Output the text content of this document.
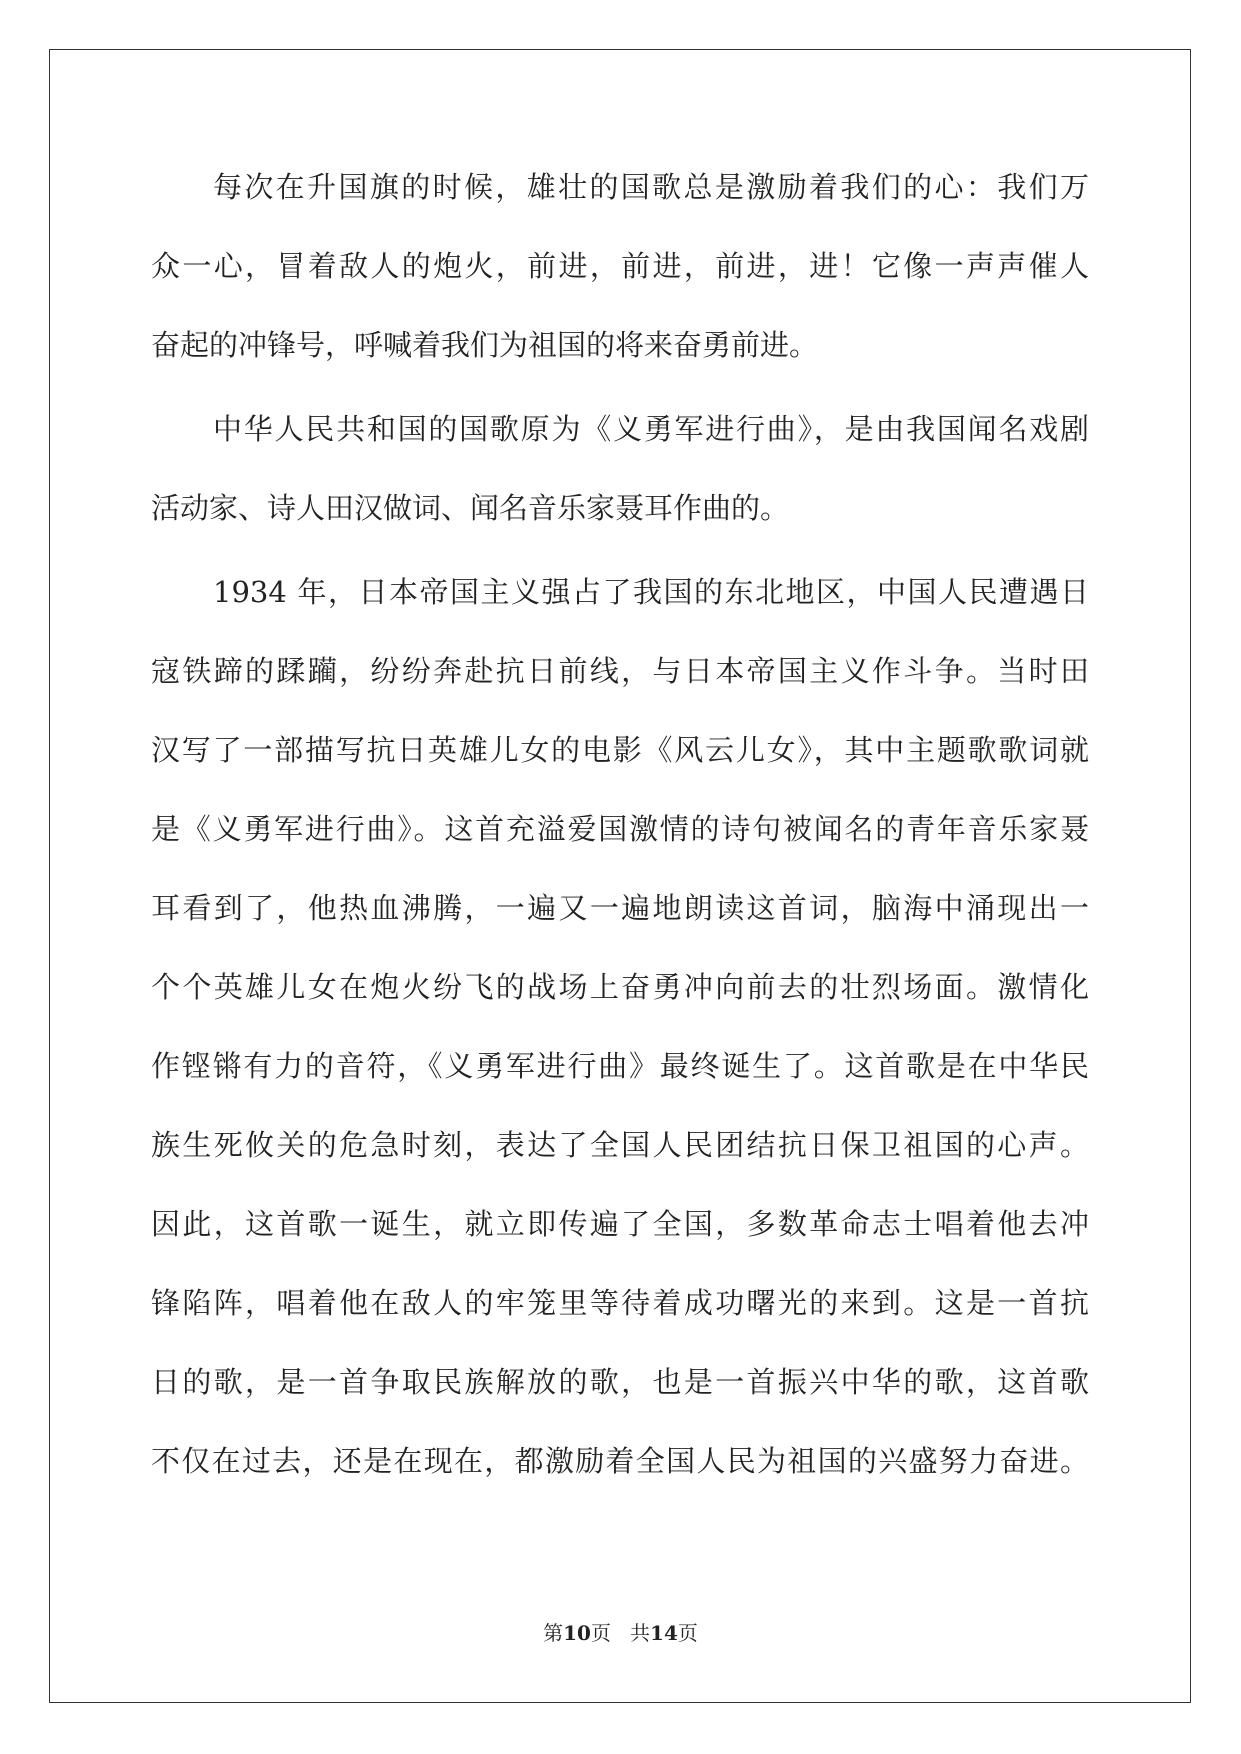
每次在升国旗的时候，雄壮的国歌总是激励着我们的心：我们万
众一心，冒着敌人的炮火，前进，前进，前进，进！它像一声声催人
奋起的冲锋号，呼喊着我们为祖国的将来奋勇前进。
中华人民共和国的国歌原为《义勇军进行曲》，是由我国闻名戏剧
活动家、诗人田汉做词、闻名音乐家聂耳作曲的。
1934 年，日本帝国主义强占了我国的东北地区，中国人民遭遇日
寇铁蹄的蹂躏，纷纷奔赴抗日前线，与日本帝国主义作斗争。当时田
汉写了一部描写抗日英雄儿女的电影《风云儿女》，其中主题歌歌词就
是《义勇军进行曲》。这首充溢爱国激情的诗句被闻名的青年音乐家聂
耳看到了，他热血沸腾，一遍又一遍地朗读这首词，脑海中涌现出一
个个英雄儿女在炮火纷飞的战场上奋勇冲向前去的壮烈场面。激情化
作铿锵有力的音符，《义勇军进行曲》最终诞生了。这首歌是在中华民
族生死攸关的危急时刻，表达了全国人民团结抗日保卫祖国的心声。
因此，这首歌一诞生，就立即传遍了全国，多数革命志士唱着他去冲
锋陷阵，唱着他在敌人的牢笼里等待着成功曙光的来到。这是一首抗
日的歌，是一首争取民族解放的歌，也是一首振兴中华的歌，这首歌
不仅在过去，还是在现在，都激励着全国人民为祖国的兴盛努力奋进。
第10页 共14页
